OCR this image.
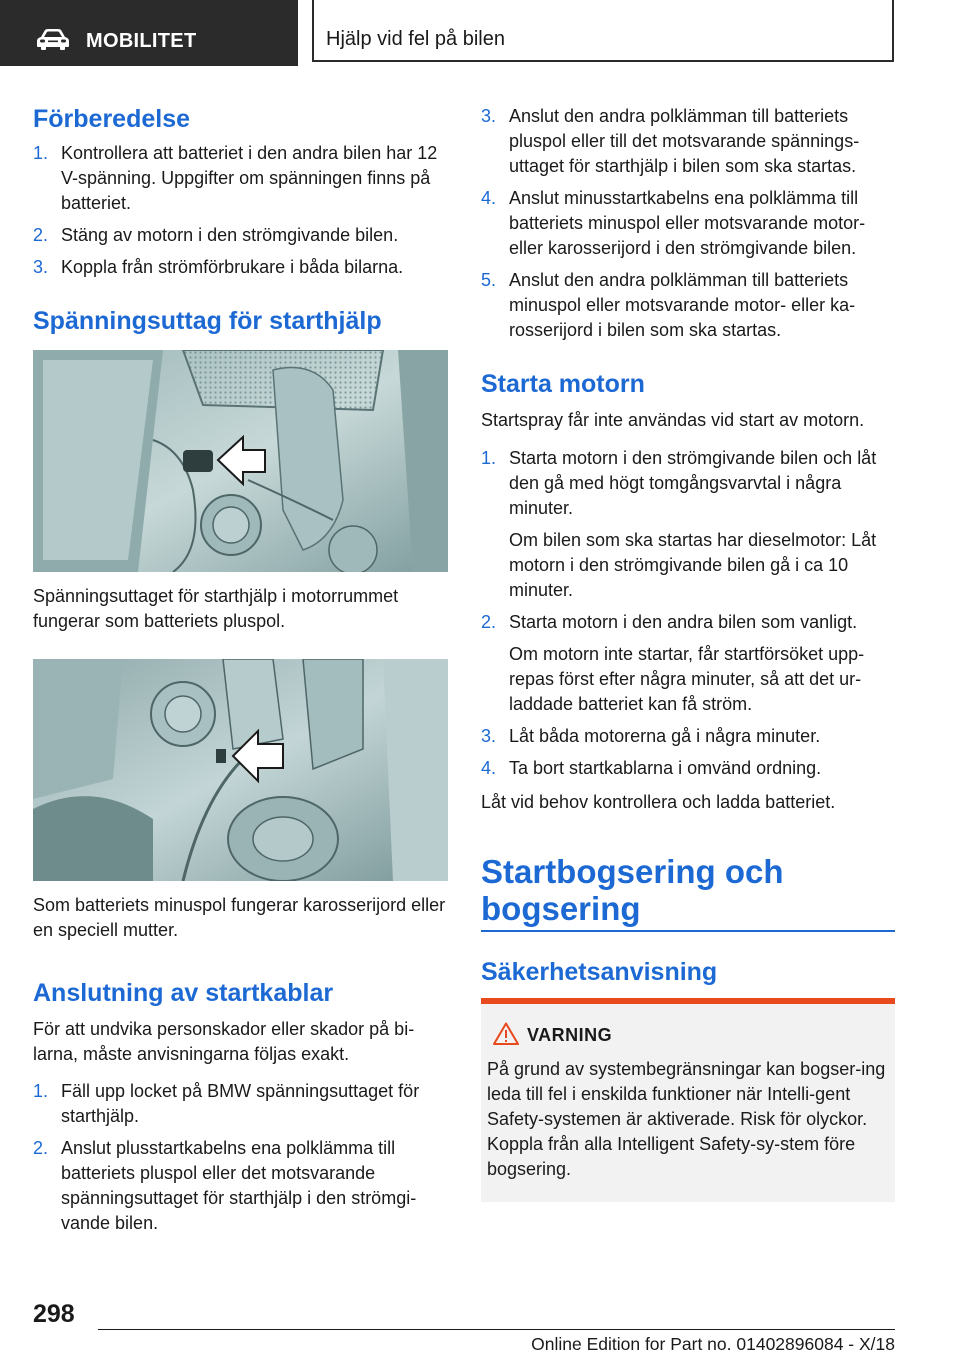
MOBILITET	Hjälp vid fel på bilen
Förberedelse
1. Kontrollera att batteriet i den andra bilen har 12 V-spänning. Uppgifter om spänningen finns på batteriet.
2. Stäng av motorn i den strömgivande bilen.
3. Koppla från strömförbrukare i båda bilarna.
Spänningsuttag för starthjälp

Spänningsuttaget för starthjälp i motorrummet fungerar som batteriets pluspol.

Som batteriets minuspol fungerar karosserijord eller en speciell mutter.

Anslutning av startkablar

För att undvika personskador eller skador på bi-larna, måste anvisningarna följas exakt.

1. Fäll upp locket på BMW spänningsuttaget för starthjälp.
2. Anslut plusstartkabelns ena polklämma till batteriets pluspol eller det motsvarande spänningsuttaget för starthjälp i den strömgi-vande bilen.
3. Anslut den andra polklämman till batteriets pluspol eller till det motsvarande spännings-uttaget för starthjälp i bilen som ska startas.
4. Anslut minusstartkabelns ena polklämma till batteriets minuspol eller motsvarande motor- eller karosserijord i den strömgivande bilen.
5. Anslut den andra polklämman till batteriets minuspol eller motsvarande motor- eller ka-rosserijord i bilen som ska startas.
Starta motorn

Startspray får inte användas vid start av motorn.

1. Starta motorn i den strömgivande bilen och låt den gå med högt tomgångsvarvtal i några minuter.
Om bilen som ska startas har dieselmotor: Låt motorn i den strömgivande bilen gå i ca 10 minuter.
2. Starta motorn i den andra bilen som vanligt.
Om motorn inte startar, får startförsöket upp-repas först efter några minuter, så att det ur-laddade batteriet kan få ström.
3. Låt båda motorerna gå i några minuter.
4. Ta bort startkablarna i omvänd ordning.

Låt vid behov kontrollera och ladda batteriet.

Startbogsering och bogsering
Säkerhetsanvisning
VARNING

På grund av systembegränsningar kan bogser-ing leda till fel i enskilda funktioner när Intelli-gent Safety-systemen är aktiverade. Risk för olyckor. Koppla från alla Intelligent Safety-sy-stem före bogsering.

298
Online Edition for Part no. 01402896084 - X/18
